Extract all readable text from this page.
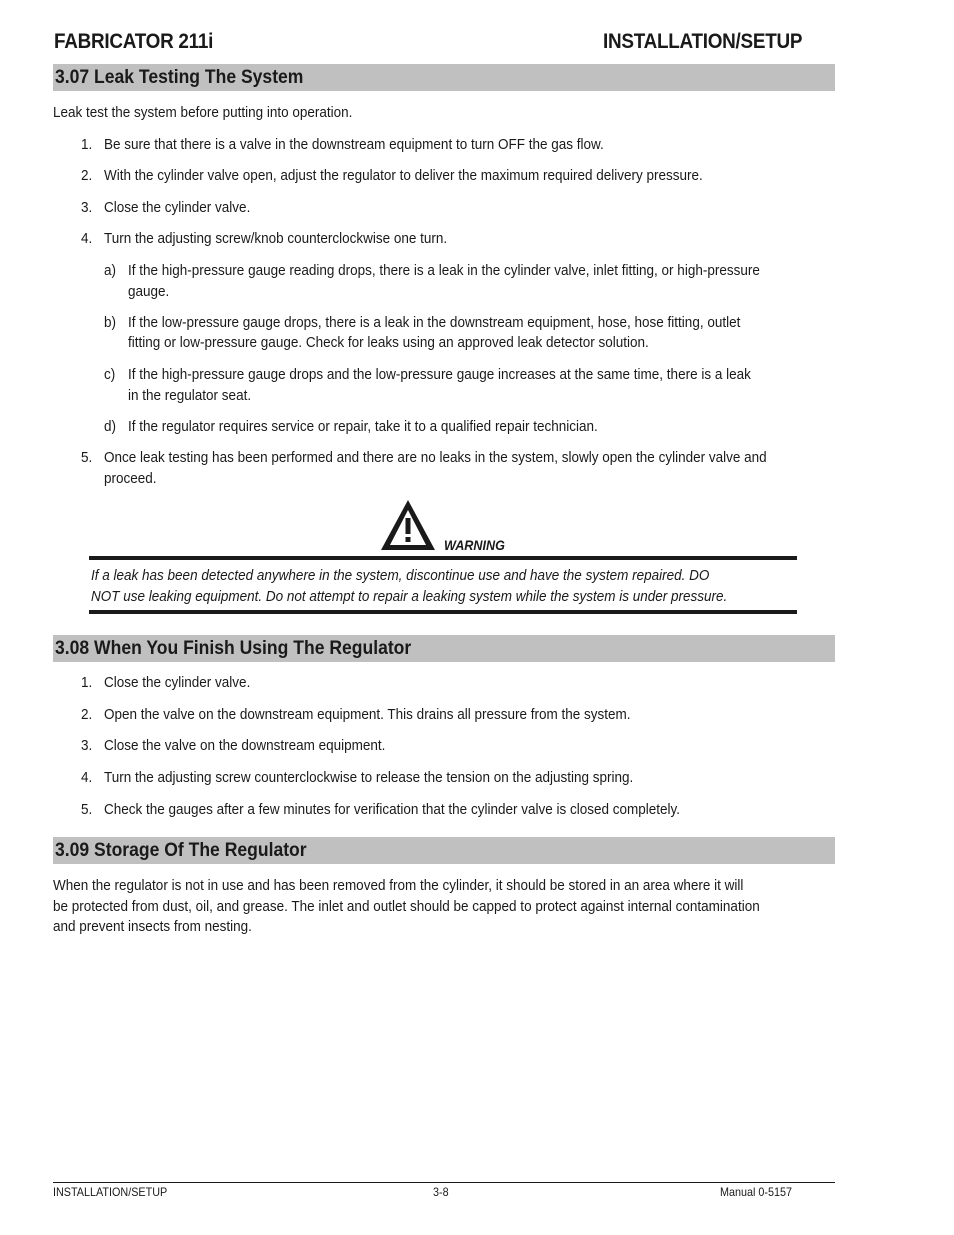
FABRICATOR 211i	INSTALLATION/SETUP
3.07 Leak Testing The System
Leak test the system before putting into operation.
1. Be sure that there is a valve in the downstream equipment to turn OFF the gas flow.
2. With the cylinder valve open, adjust the regulator to deliver the maximum required delivery pressure.
3. Close the cylinder valve.
4. Turn the adjusting screw/knob counterclockwise one turn.
a) If the high-pressure gauge reading drops, there is a leak in the cylinder valve, inlet fitting, or high-pressure
gauge.
b) If the low-pressure gauge drops, there is a leak in the downstream equipment, hose, hose fitting, outlet
fitting or low-pressure gauge. Check for leaks using an approved leak detector solution.
c) If the high-pressure gauge drops and the low-pressure gauge increases at the same time, there is a leak
in the regulator seat.
d) If the regulator requires service or repair, take it to a qualified repair technician.
5. Once leak testing has been performed and there are no leaks in the system, slowly open the cylinder valve and
proceed.
WARNING
If a leak has been detected anywhere in the system, discontinue use and have the system repaired. DO
NOT use leaking equipment. Do not attempt to repair a leaking system while the system is under pressure.
3.08 When You Finish Using The Regulator
1. Close the cylinder valve.
2. Open the valve on the downstream equipment. This drains all pressure from the system.
3. Close the valve on the downstream equipment.
4. Turn the adjusting screw counterclockwise to release the tension on the adjusting spring.
5. Check the gauges after a few minutes for verification that the cylinder valve is closed completely.
3.09 Storage Of The Regulator
When the regulator is not in use and has been removed from the cylinder, it should be stored in an area where it will
be protected from dust, oil, and grease. The inlet and outlet should be capped to protect against internal contamination
and prevent insects from nesting.
INSTALLATION/SETUP	3-8	Manual 0-5157
